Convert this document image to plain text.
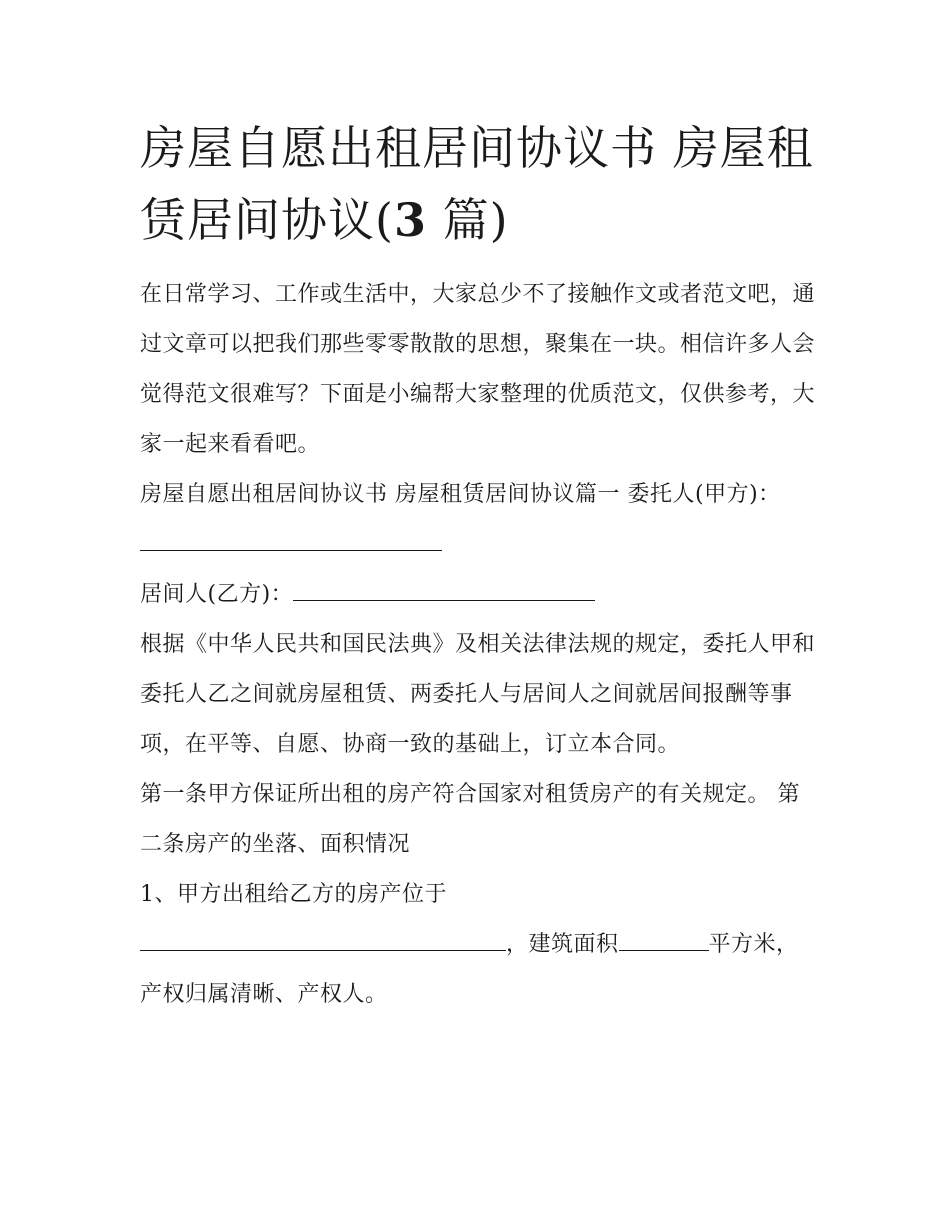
房屋自愿出租居间协议书 房屋租赁居间协议(3 篇)

在日常学习、工作或生活中，大家总少不了接触作文或者范文吧，通过文章可以把我们那些零零散散的思想，聚集在一块。相信许多人会觉得范文很难写？下面是小编帮大家整理的优质范文，仅供参考，大家一起来看看吧。

房屋自愿出租居间协议书 房屋租赁居间协议篇一 委托人(甲方)：

居间人(乙方)：

根据《中华人民共和国民法典》及相关法律法规的规定，委托人甲和委托人乙之间就房屋租赁、两委托人与居间人之间就居间报酬等事项，在平等、自愿、协商一致的基础上，订立本合同。

第一条甲方保证所出租的房产符合国家对租赁房产的有关规定。 第二条房产的坐落、面积情况

1、甲方出租给乙方的房产位于

，建筑面积	平方米，产权归属清晰、产权人。
